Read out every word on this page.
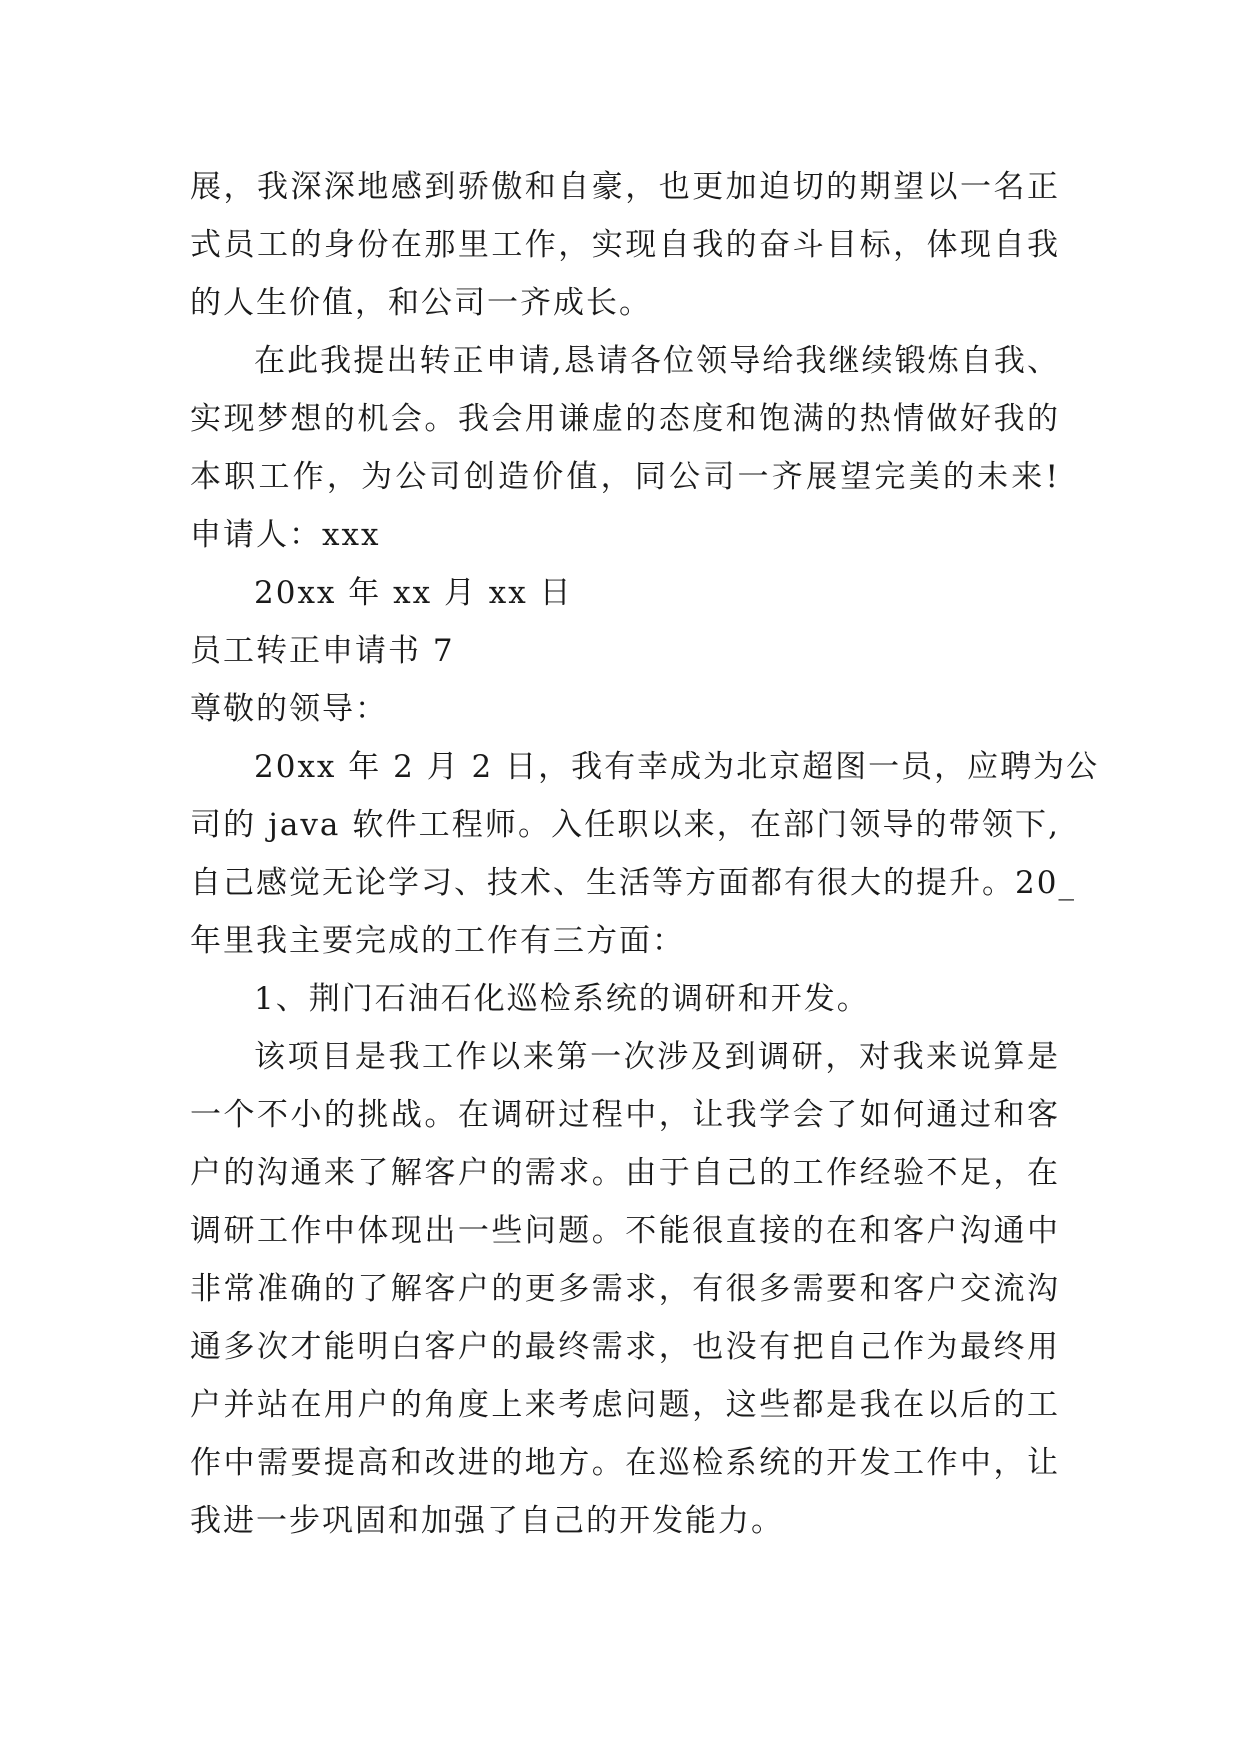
展，我深深地感到骄傲和自豪，也更加迫切的期望以一名正
式员工的身份在那里工作，实现自我的奋斗目标，体现自我
的人生价值，和公司一齐成长。
在此我提出转正申请,恳请各位领导给我继续锻炼自我、
实现梦想的机会。我会用谦虚的态度和饱满的热情做好我的
本职工作，为公司创造价值，同公司一齐展望完美的未来!
申请人：xxx
20xx 年 xx 月 xx 日
员工转正申请书 7
尊敬的领导：
20xx 年 2 月 2 日，我有幸成为北京超图一员，应聘为公
司的 java 软件工程师。入任职以来，在部门领导的带领下,
自己感觉无论学习、技术、生活等方面都有很大的提升。20_
年里我主要完成的工作有三方面：
1、荆门石油石化巡检系统的调研和开发。
该项目是我工作以来第一次涉及到调研，对我来说算是
一个不小的挑战。在调研过程中，让我学会了如何通过和客
户的沟通来了解客户的需求。由于自己的工作经验不足，在
调研工作中体现出一些问题。不能很直接的在和客户沟通中
非常准确的了解客户的更多需求，有很多需要和客户交流沟
通多次才能明白客户的最终需求，也没有把自己作为最终用
户并站在用户的角度上来考虑问题，这些都是我在以后的工
作中需要提高和改进的地方。在巡检系统的开发工作中，让
我进一步巩固和加强了自己的开发能力。
